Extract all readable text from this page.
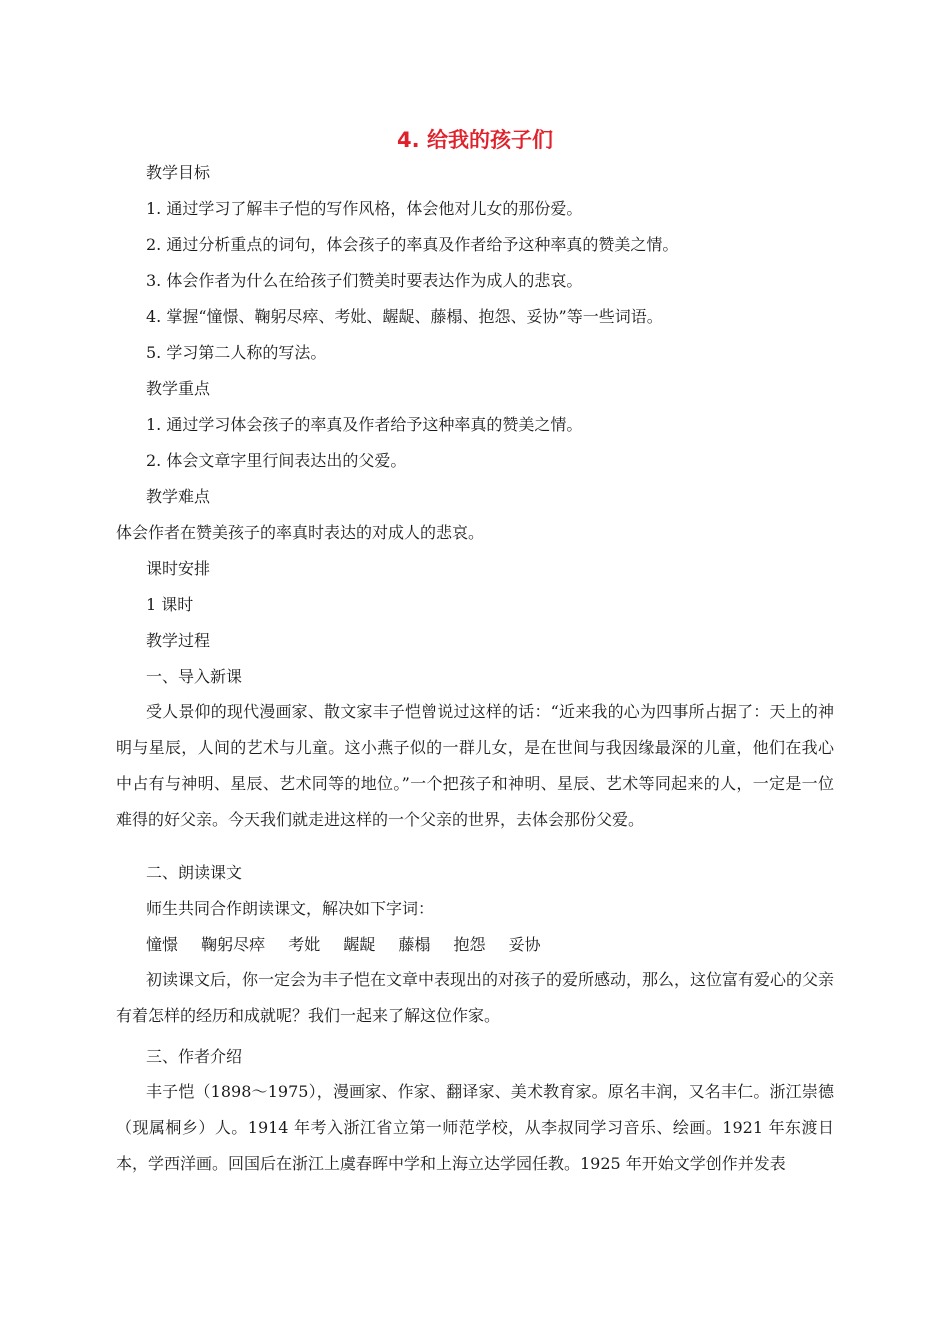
4. 给我的孩子们
教学目标
1. 通过学习了解丰子恺的写作风格，体会他对儿女的那份爱。
2. 通过分析重点的词句，体会孩子的率真及作者给予这种率真的赞美之情。
3. 体会作者为什么在给孩子们赞美时要表达作为成人的悲哀。
4. 掌握“憧憬、鞠躬尽瘁、考妣、龌龊、藤榻、抱怨、妥协”等一些词语。
5. 学习第二人称的写法。
教学重点
1. 通过学习体会孩子的率真及作者给予这种率真的赞美之情。
2. 体会文章字里行间表达出的父爱。
教学难点
体会作者在赞美孩子的率真时表达的对成人的悲哀。
课时安排
1 课时
教学过程
一、导入新课
受人景仰的现代漫画家、散文家丰子恺曾说过这样的话：“近来我的心为四事所占据了：天上的神明与星辰，人间的艺术与儿童。这小燕子似的一群儿女，是在世间与我因缘最深的儿童，他们在我心中占有与神明、星辰、艺术同等的地位。”一个把孩子和神明、星辰、艺术等同起来的人，一定是一位难得的好父亲。今天我们就走进这样的一个父亲的世界，去体会那份父爱。
二、朗读课文
师生共同合作朗读课文，解决如下字词：
憧憬 鞠躬尽瘁 考妣 龌龊 藤榻 抱怨 妥协
初读课文后，你一定会为丰子恺在文章中表现出的对孩子的爱所感动，那么，这位富有爱心的父亲有着怎样的经历和成就呢？我们一起来了解这位作家。
三、作者介绍
丰子恺（1898～1975），漫画家、作家、翻译家、美术教育家。原名丰润，又名丰仁。浙江崇德（现属桐乡）人。1914 年考入浙江省立第一师范学校，从李叔同学习音乐、绘画。1921 年东渡日本，学西洋画。回国后在浙江上虞春晖中学和上海立达学园任教。1925 年开始文学创作并发表
